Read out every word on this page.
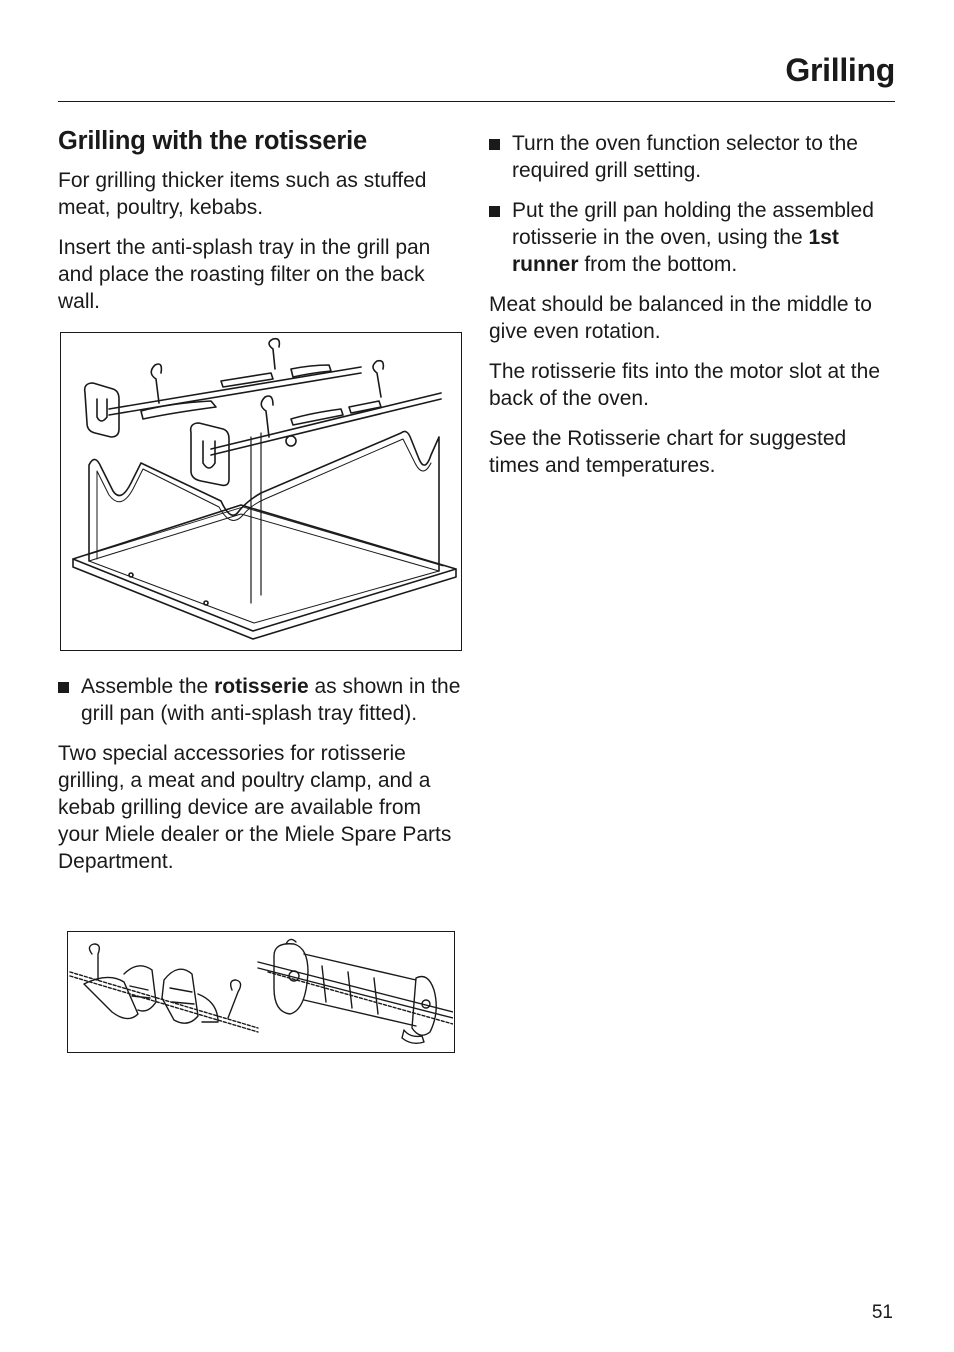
Grilling
Grilling with the rotisserie

For grilling thicker items such as stuffed meat, poultry, kebabs.

Insert the anti-splash tray in the grill pan and place the roasting filter on the back wall.

Assemble the rotisserie as shown in the grill pan (with anti-splash tray fitted).

Two special accessories for rotisserie grilling, a meat and poultry clamp, and a kebab grilling device are available from your Miele dealer or the Miele Spare Parts Department.

Turn the oven function selector to the required grill setting.
Put the grill pan holding the assembled rotisserie in the oven, using the 1st runner from the bottom.

Meat should be balanced in the middle to give even rotation.

The rotisserie fits into the motor slot at the back of the oven.

See the Rotisserie chart for suggested times and temperatures.

51
